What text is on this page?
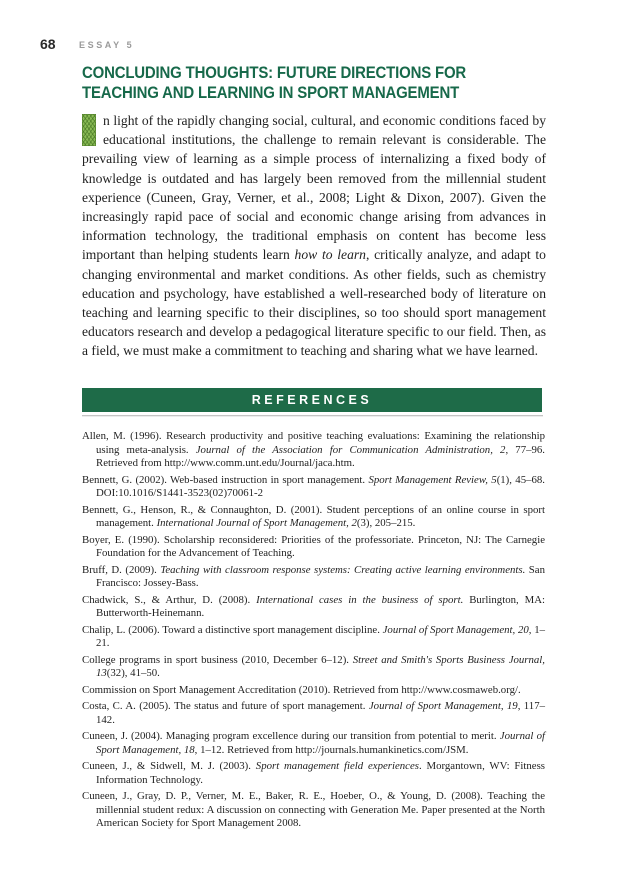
68	ESSAY 5
CONCLUDING THOUGHTS: FUTURE DIRECTIONS FOR
TEACHING AND LEARNING IN SPORT MANAGEMENT

n light of the rapidly changing social, cultural, and economic conditions faced by educational institutions, the challenge to remain relevant is considerable. The prevailing view of learning as a simple process of internalizing a fixed body of knowledge is outdated and has largely been removed from the millennial student experience (Cuneen, Gray, Verner, et al., 2008; Light & Dixon, 2007). Given the increasingly rapid pace of social and economic change arising from advances in information technology, the traditional emphasis on content has become less important than helping students learn how to learn, critically analyze, and adapt to changing environmental and market conditions. As other fields, such as chemistry education and psychology, have established a well-researched body of literature on teaching and learning specific to their disciplines, so too should sport management educators research and develop a pedagogical literature specific to our field. Then, as a field, we must make a commitment to teaching and sharing what we have learned.

REFERENCES
Allen, M. (1996). Research productivity and positive teaching evaluations: Examining the relationship using meta-analysis. Journal of the Association for Communication Administration, 2, 77–96. Retrieved from http://www.comm.unt.edu/Journal/jaca.htm.
Bennett, G. (2002). Web-based instruction in sport management. Sport Management Review, 5(1), 45–68. DOI:10.1016/S1441-3523(02)70061-2
Bennett, G., Henson, R., & Connaughton, D. (2001). Student perceptions of an online course in sport management. International Journal of Sport Management, 2(3), 205–215.
Boyer, E. (1990). Scholarship reconsidered: Priorities of the professoriate. Princeton, NJ: The Carnegie Foundation for the Advancement of Teaching.
Bruff, D. (2009). Teaching with classroom response systems: Creating active learning environments. San Francisco: Jossey-Bass.
Chadwick, S., & Arthur, D. (2008). International cases in the business of sport. Burlington, MA: Butterworth-Heinemann.
Chalip, L. (2006). Toward a distinctive sport management discipline. Journal of Sport Management, 20, 1–21.
College programs in sport business (2010, December 6–12). Street and Smith's Sports Business Journal, 13(32), 41–50.
Commission on Sport Management Accreditation (2010). Retrieved from http://www.cosmaweb.org/.
Costa, C. A. (2005). The status and future of sport management. Journal of Sport Management, 19, 117–142.
Cuneen, J. (2004). Managing program excellence during our transition from potential to merit. Journal of Sport Management, 18, 1–12. Retrieved from http://journals.humankinetics.com/JSM.
Cuneen, J., & Sidwell, M. J. (2003). Sport management field experiences. Morgantown, WV: Fitness Information Technology.
Cuneen, J., Gray, D. P., Verner, M. E., Baker, R. E., Hoeber, O., & Young, D. (2008). Teaching the millennial student redux: A discussion on connecting with Generation Me. Paper presented at the North American Society for Sport Management 2008.
